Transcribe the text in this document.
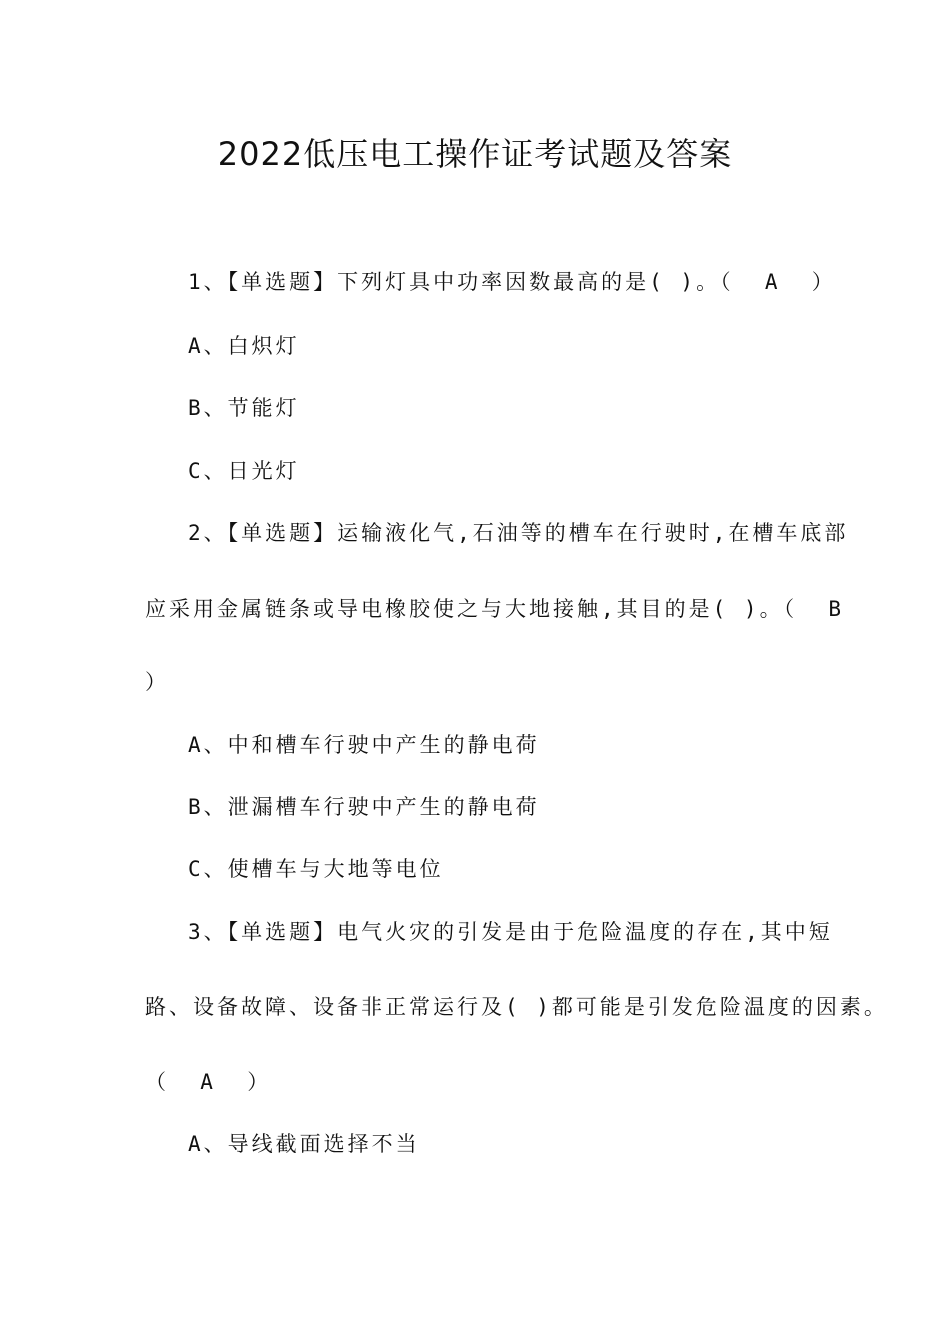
2022低压电工操作证考试题及答案
1、【单选题】下列灯具中功率因数最高的是( )。（  A  ）
A、白炽灯
B、节能灯
C、日光灯
2、【单选题】运输液化气,石油等的槽车在行驶时,在槽车底部
应采用金属链条或导电橡胶使之与大地接触,其目的是( )。（  B
）
A、中和槽车行驶中产生的静电荷
B、泄漏槽车行驶中产生的静电荷
C、使槽车与大地等电位
3、【单选题】电气火灾的引发是由于危险温度的存在,其中短
路、设备故障、设备非正常运行及( )都可能是引发危险温度的因素。
（  A  ）
A、导线截面选择不当
